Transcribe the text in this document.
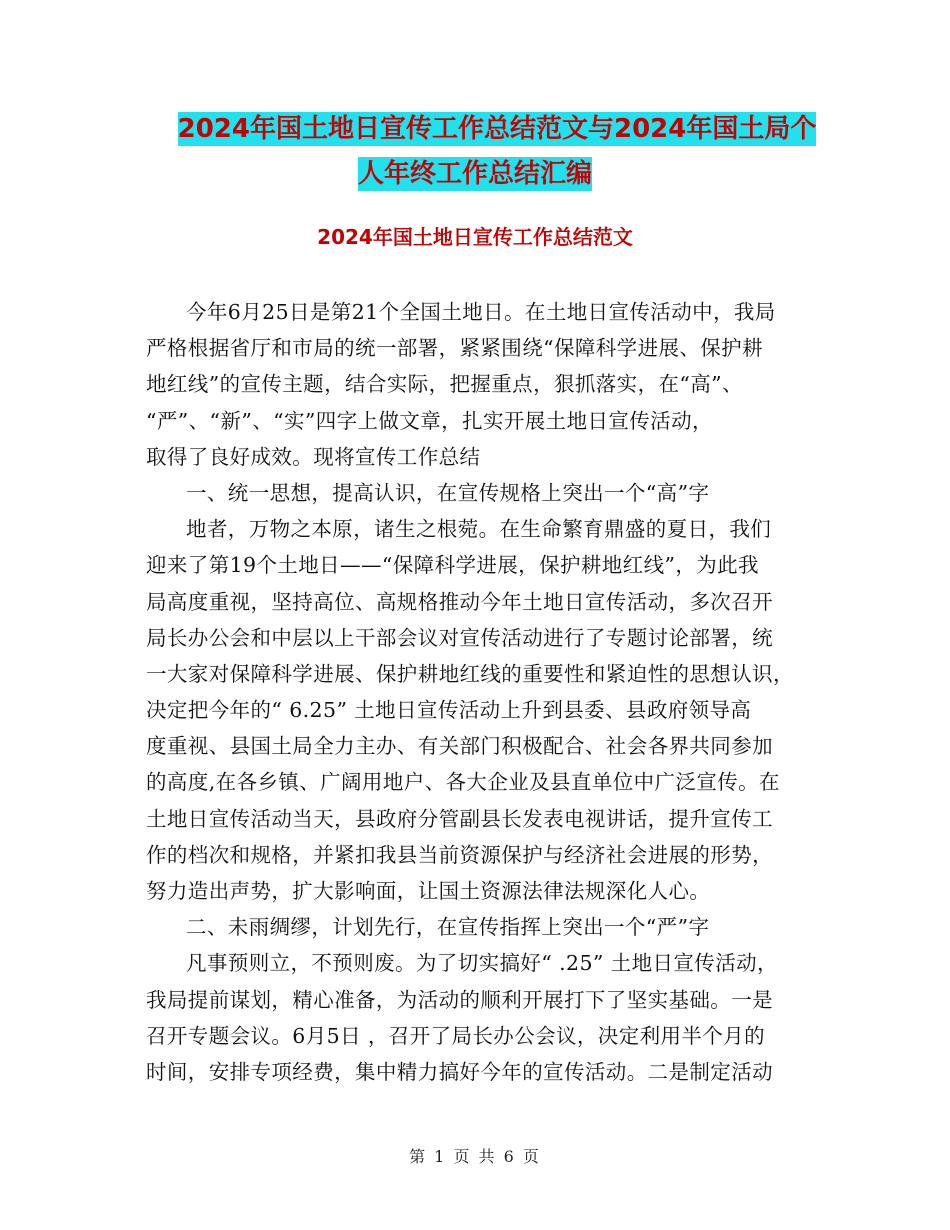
2024年国土地日宣传工作总结范文与2024年国土局个
人年终工作总结汇编
2024年国土地日宣传工作总结范文
今年6月25日是第21个全国土地日。在土地日宣传活动中，我局
严格根据省厅和市局的统一部署，紧紧围绕“保障科学进展、保护耕
地红线”的宣传主题，结合实际，把握重点，狠抓落实，在“高”、
“严”、“新”、“实”四字上做文章，扎实开展土地日宣传活动，
取得了良好成效。现将宣传工作总结
一、统一思想，提高认识，在宣传规格上突出一个“高”字
地者，万物之本原，诸生之根菀。在生命繁育鼎盛的夏日，我们
迎来了第19个土地日——“保障科学进展，保护耕地红线”，为此我
局高度重视，坚持高位、高规格推动今年土地日宣传活动，多次召开
局长办公会和中层以上干部会议对宣传活动进行了专题讨论部署，统
一大家对保障科学进展、保护耕地红线的重要性和紧迫性的思想认识，
决定把今年的“ 6.25” 土地日宣传活动上升到县委、县政府领导高
度重视、县国土局全力主办、有关部门积极配合、社会各界共同参加
的高度,在各乡镇、广阔用地户、各大企业及县直单位中广泛宣传。在
土地日宣传活动当天，县政府分管副县长发表电视讲话，提升宣传工
作的档次和规格，并紧扣我县当前资源保护与经济社会进展的形势，
努力造出声势，扩大影响面，让国土资源法律法规深化人心。
二、未雨绸缪，计划先行，在宣传指挥上突出一个“严”字
凡事预则立，不预则废。为了切实搞好“ .25” 土地日宣传活动，
我局提前谋划，精心准备，为活动的顺利开展打下了坚实基础。一是
召开专题会议。6月5日 ，召开了局长办公会议，决定利用半个月的
时间，安排专项经费，集中精力搞好今年的宣传活动。二是制定活动
第 1 页 共 6 页
